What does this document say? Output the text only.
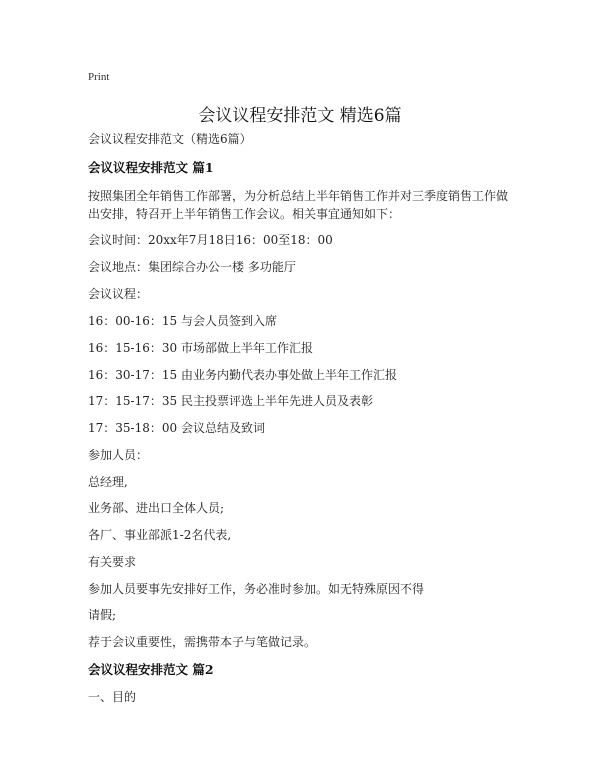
Print
会议议程安排范文 精选6篇
会议议程安排范文（精选6篇）
会议议程安排范文 篇1
按照集团全年销售工作部署，为分析总结上半年销售工作并对三季度销售工作做出安排，特召开上半年销售工作会议。相关事宜通知如下：
会议时间：20xx年7月18日16：00至18：00
会议地点：集团综合办公一楼 多功能厅
会议议程：
16：00-16：15 与会人员签到入席
16：15-16：30 市场部做上半年工作汇报
16：30-17：15 由业务内勤代表办事处做上半年工作汇报
17：15-17：35 民主投票评选上半年先进人员及表彰
17：35-18：00 会议总结及致词
参加人员：
总经理,
业务部、进出口全体人员;
各厂、事业部派1-2名代表,
有关要求
参加人员要事先安排好工作，务必准时参加。如无特殊原因不得
请假;
荐于会议重要性，需携带本子与笔做记录。
会议议程安排范文 篇2
一、目的
